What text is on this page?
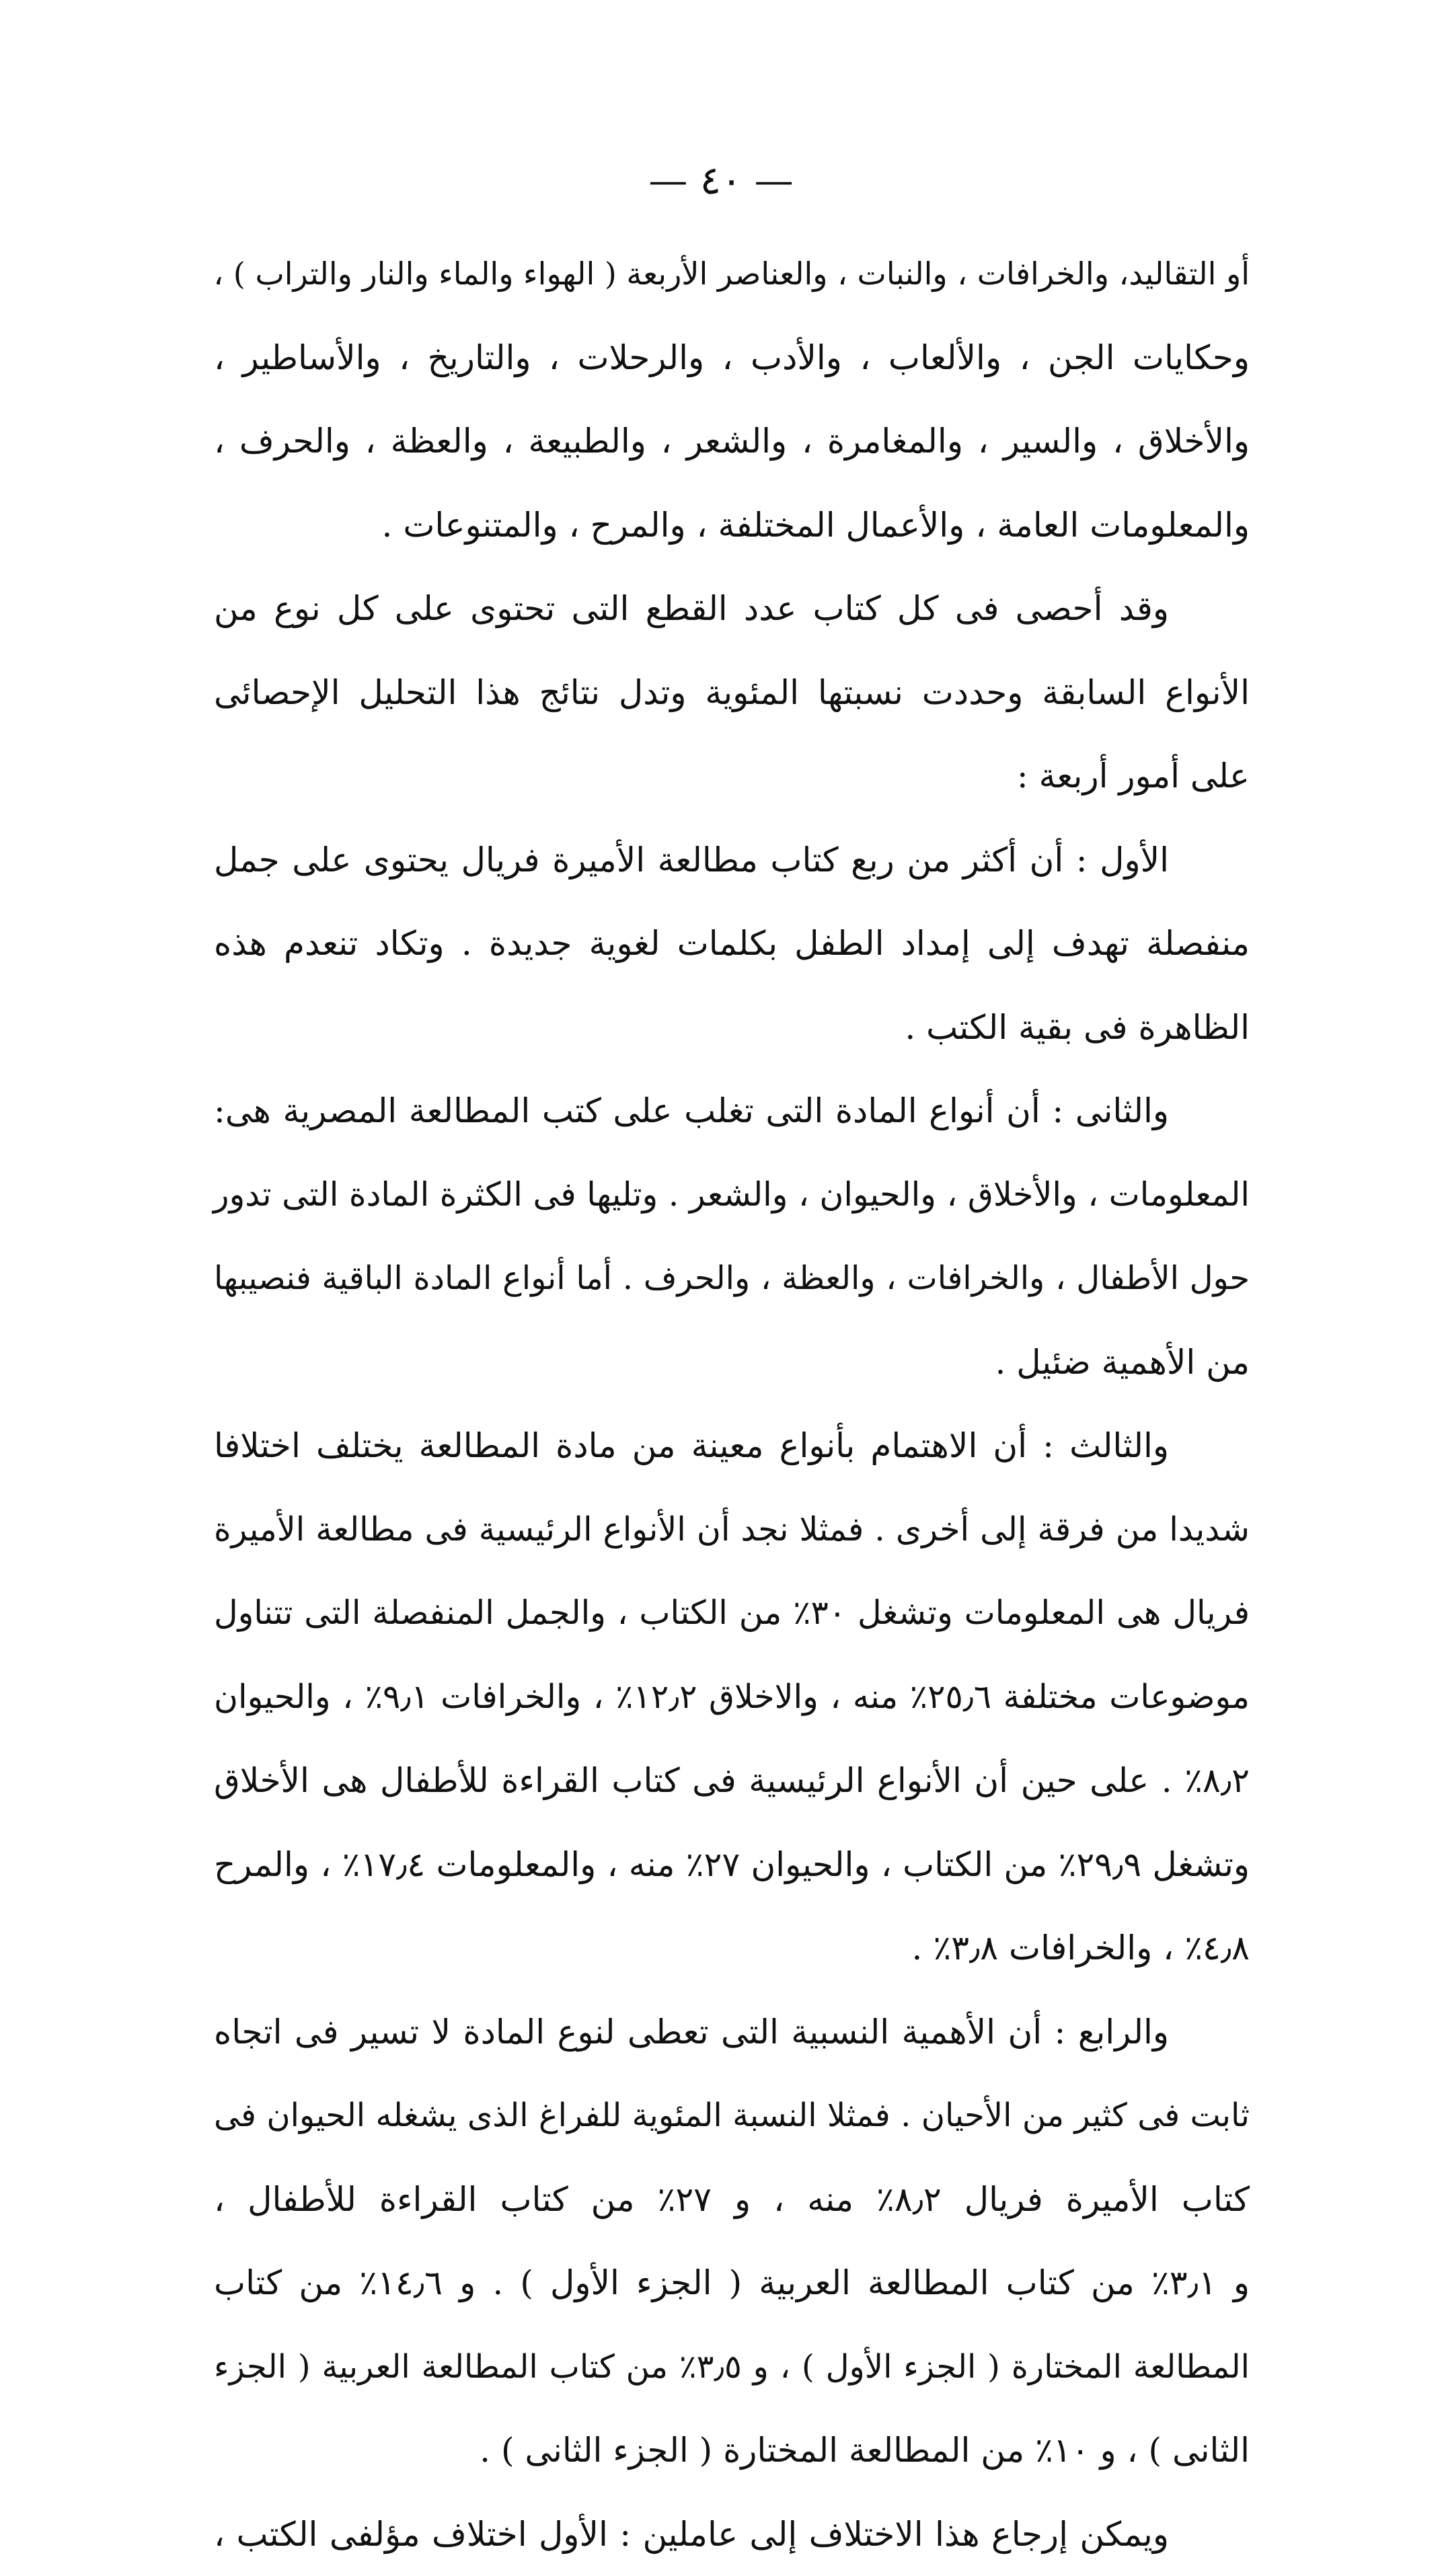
— ٤٠ —
أو التقاليد، والخرافات ، والنبات ، والعناصر الأربعة ( الهواء والماء والنار والتراب ) ،
وحكايات الجن ، والألعاب ، والأدب ، والرحلات ، والتاريخ ، والأساطير ،
والأخلاق ، والسير ، والمغامرة ، والشعر ، والطبيعة ، والعظة ، والحرف ،
والمعلومات العامة ، والأعمال المختلفة ، والمرح ، والمتنوعات .
وقد أحصى فى كل كتاب عدد القطع التى تحتوى على كل نوع من
الأنواع السابقة وحددت نسبتها المئوية وتدل نتائج هذا التحليل الإحصائى
على أمور أربعة :
الأول : أن أكثر من ربع كتاب مطالعة الأميرة فريال يحتوى على جمل
منفصلة تهدف إلى إمداد الطفل بكلمات لغوية جديدة . وتكاد تنعدم هذه
الظاهرة فى بقية الكتب .
والثانى : أن أنواع المادة التى تغلب على كتب المطالعة المصرية هى:
المعلومات ، والأخلاق ، والحيوان ، والشعر . وتليها فى الكثرة المادة التى تدور
حول الأطفال ، والخرافات ، والعظة ، والحرف . أما أنواع المادة الباقية فنصيبها
من الأهمية ضئيل .
والثالث : أن الاهتمام بأنواع معينة من مادة المطالعة يختلف اختلافا
شديدا من فرقة إلى أخرى . فمثلا نجد أن الأنواع الرئيسية فى مطالعة الأميرة
فريال هى المعلومات وتشغل ٣٠٪ من الكتاب ، والجمل المنفصلة التى تتناول
موضوعات مختلفة ٢٥٫٦٪ منه ، والاخلاق ١٢٫٢٪ ، والخرافات ٩٫١٪ ، والحيوان
٨٫٢٪ . على حين أن الأنواع الرئيسية فى كتاب القراءة للأطفال هى الأخلاق
وتشغل ٢٩٫٩٪ من الكتاب ، والحيوان ٢٧٪ منه ، والمعلومات ١٧٫٤٪ ، والمرح
٤٫٨٪ ، والخرافات ٣٫٨٪ .
والرابع : أن الأهمية النسبية التى تعطى لنوع المادة لا تسير فى اتجاه
ثابت فى كثير من الأحيان . فمثلا النسبة المئوية للفراغ الذى يشغله الحيوان فى
كتاب الأميرة فريال ٨٫٢٪ منه ، و ٢٧٪ من كتاب القراءة للأطفال ،
و ٣٫١٪ من كتاب المطالعة العربية ( الجزء الأول ) . و ١٤٫٦٪ من كتاب
المطالعة المختارة ( الجزء الأول ) ، و ٣٫٥٪ من كتاب المطالعة العربية ( الجزء
الثانى ) ، و ١٠٪ من المطالعة المختارة ( الجزء الثانى ) .
ويمكن إرجاع هذا الاختلاف إلى عاملين : الأول اختلاف مؤلفى الكتب ،
